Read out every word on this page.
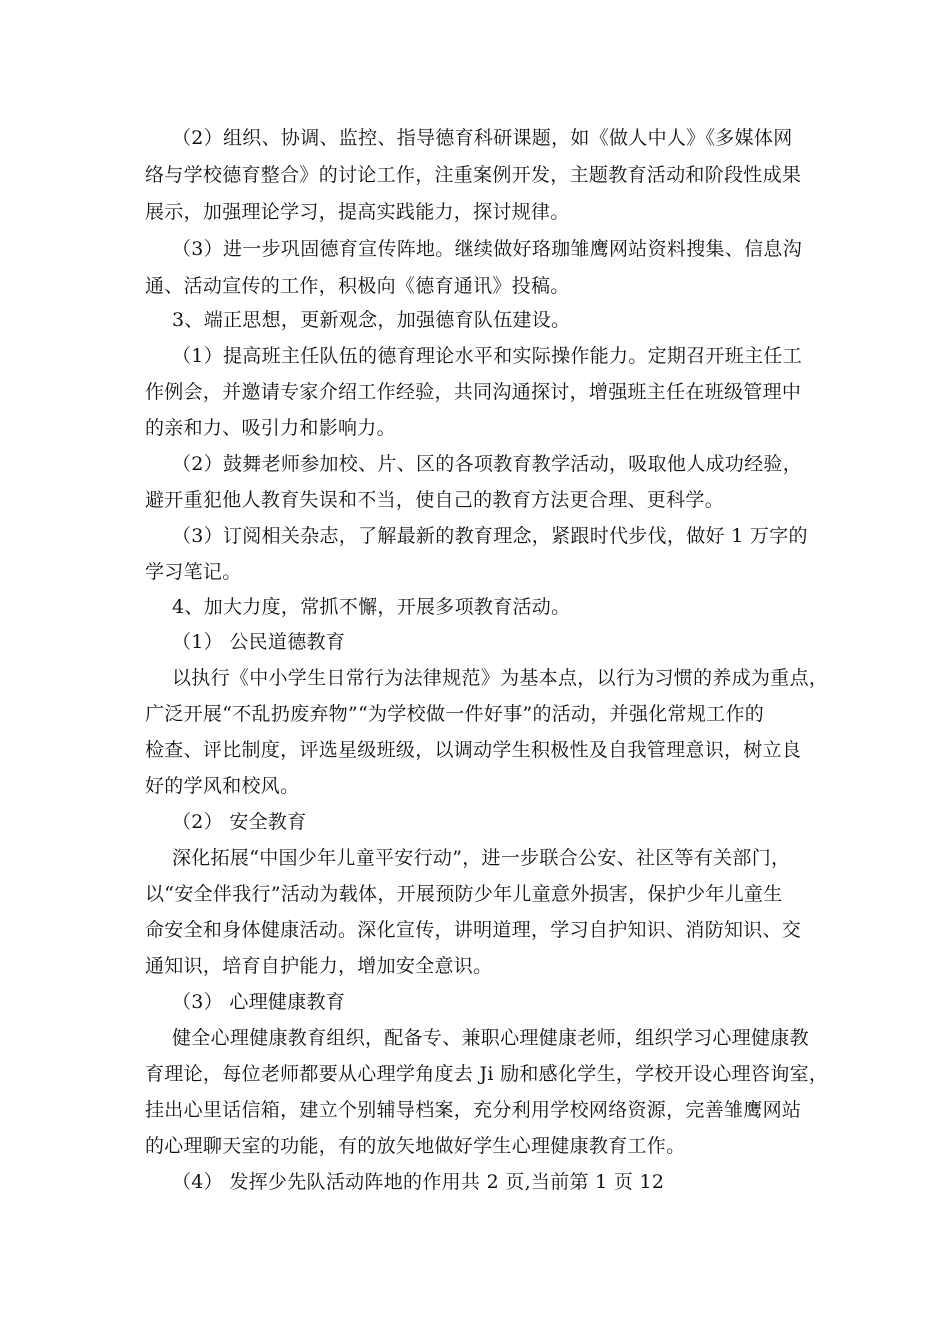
（2）组织、协调、监控、指导德育科研课题，如《做人中人》《多媒体网
络与学校德育整合》的讨论工作，注重案例开发，主题教育活动和阶段性成果
展示，加强理论学习，提高实践能力，探讨规律。
（3）进一步巩固德育宣传阵地。继续做好珞珈雏鹰网站资料搜集、信息沟
通、活动宣传的工作，积极向《德育通讯》投稿。
3、端正思想，更新观念，加强德育队伍建设。
（1）提高班主任队伍的德育理论水平和实际操作能力。定期召开班主任工
作例会，并邀请专家介绍工作经验，共同沟通探讨，增强班主任在班级管理中
的亲和力、吸引力和影响力。
（2）鼓舞老师参加校、片、区的各项教育教学活动，吸取他人成功经验，
避开重犯他人教育失误和不当，使自己的教育方法更合理、更科学。
（3）订阅相关杂志，了解最新的教育理念，紧跟时代步伐，做好 1 万字的
学习笔记。
4、加大力度，常抓不懈，开展多项教育活动。
（1） 公民道德教育
以执行《中小学生日常行为法律规范》为基本点，以行为习惯的养成为重点，
广泛开展“不乱扔废弃物”“为学校做一件好事”的活动，并强化常规工作的
检查、评比制度，评选星级班级，以调动学生积极性及自我管理意识，树立良
好的学风和校风。
（2） 安全教育
深化拓展“中国少年儿童平安行动”，进一步联合公安、社区等有关部门，
以“安全伴我行”活动为载体，开展预防少年儿童意外损害，保护少年儿童生
命安全和身体健康活动。深化宣传，讲明道理，学习自护知识、消防知识、交
通知识，培育自护能力，增加安全意识。
（3） 心理健康教育
健全心理健康教育组织，配备专、兼职心理健康老师，组织学习心理健康教
育理论，每位老师都要从心理学角度去 Ji 励和感化学生，学校开设心理咨询室，
挂出心里话信箱，建立个别辅导档案，充分利用学校网络资源，完善雏鹰网站
的心理聊天室的功能，有的放矢地做好学生心理健康教育工作。
（4） 发挥少先队活动阵地的作用共 2 页,当前第 1 页 12
